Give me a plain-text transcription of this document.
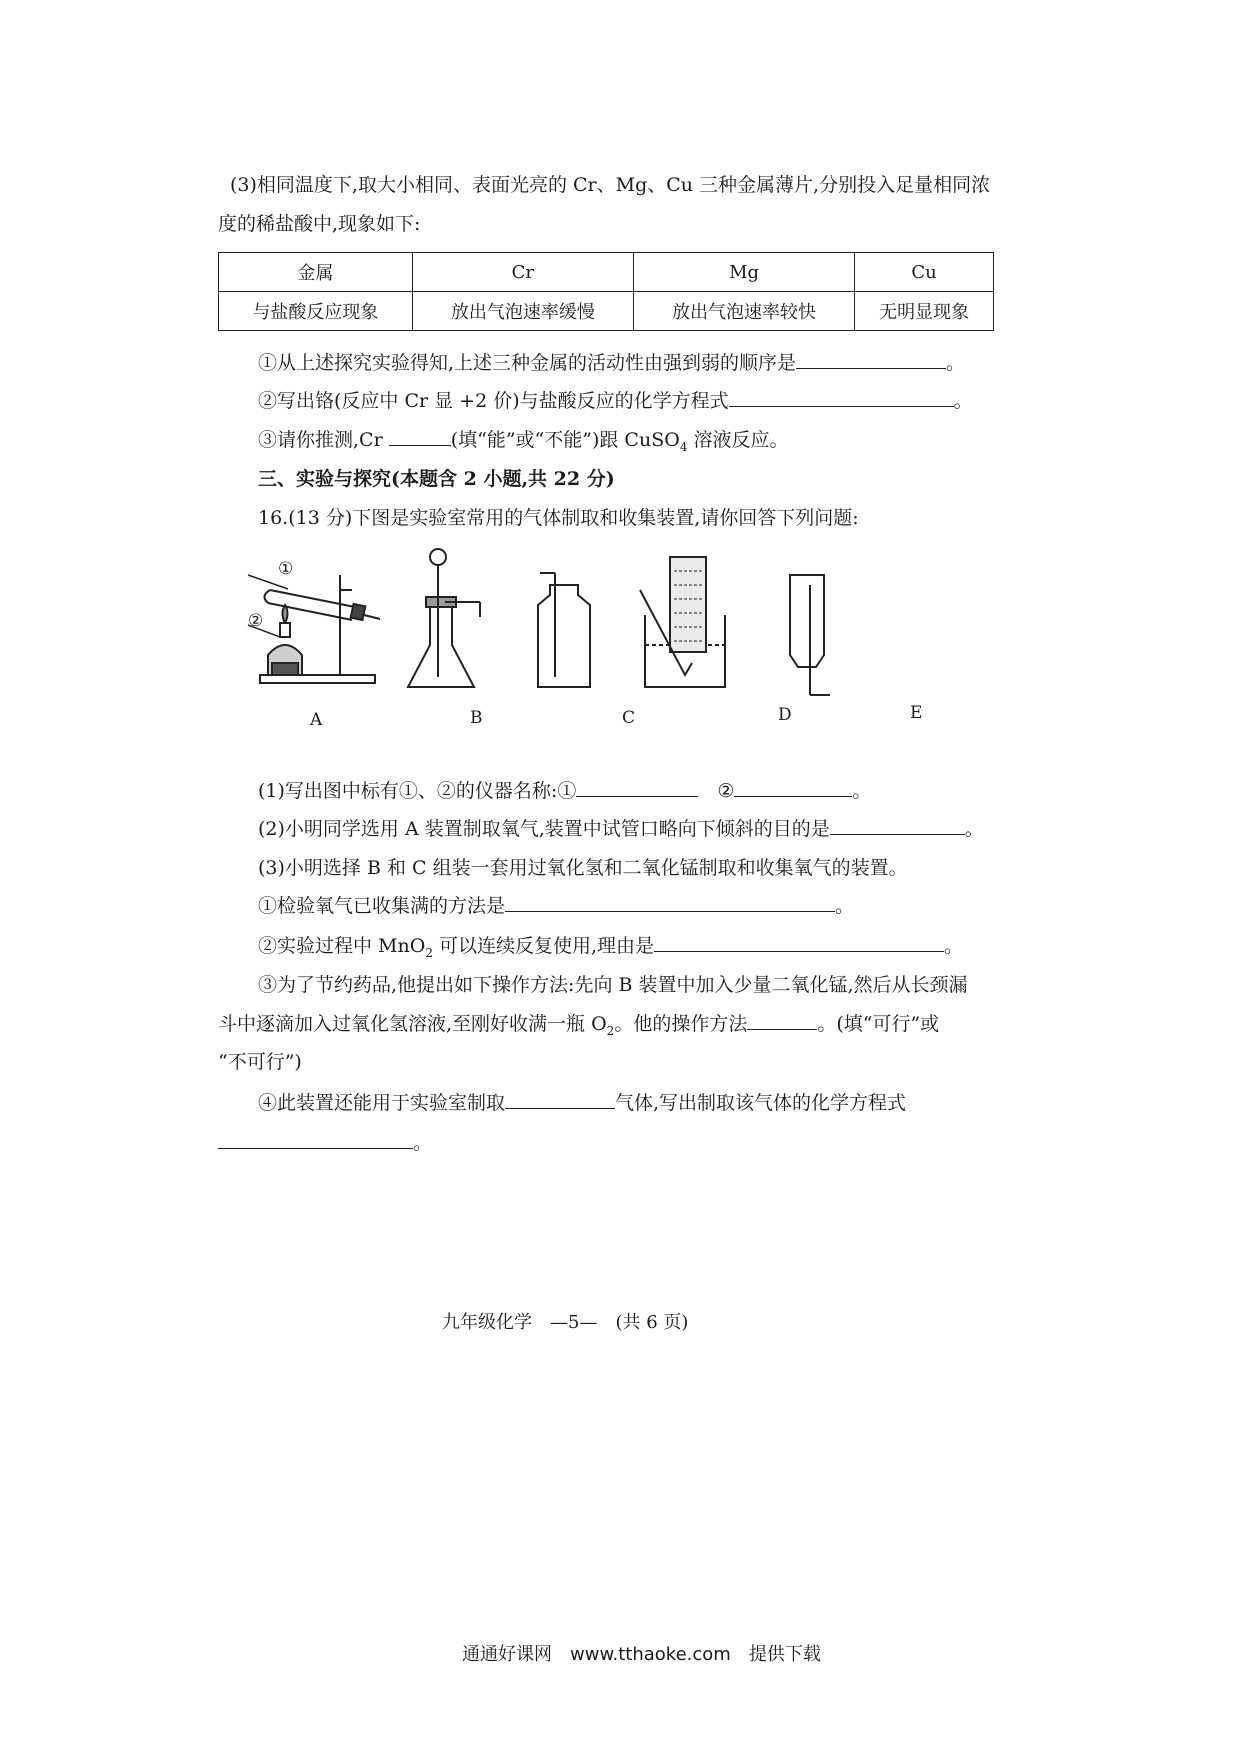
(3)相同温度下,取大小相同、表面光亮的 Cr、Mg、Cu 三种金属薄片,分别投入足量相同浓
度的稀盐酸中,现象如下:
金属	Cr	Mg	Cu
与盐酸反应现象	放出气泡速率缓慢	放出气泡速率较快	无明显现象
①从上述探究实验得知,上述三种金属的活动性由强到弱的顺序是	。
②写出铬(反应中 Cr 显 +2 价)与盐酸反应的化学方程式	。
③请你推测,Cr	(填“能”或“不能”)跟 CuSO$_4$ 溶液反应。
三、实验与探究(本题含 2 小题,共 22 分)
16.(13 分)下图是实验室常用的气体制取和收集装置,请你回答下列问题:
①
②
A	B	C	D	E
(1)写出图中标有①、②的仪器名称:① 	②	。
(2)小明同学选用 A 装置制取氧气,装置中试管口略向下倾斜的目的是	。
(3)小明选择 B 和 C 组装一套用过氧化氢和二氧化锰制取和收集氧气的装置。
①检验氧气已收集满的方法是	。
②实验过程中 MnO$_2$ 可以连续反复使用,理由是	。
③为了节约药品,他提出如下操作方法:先向 B 装置中加入少量二氧化锰,然后从长颈漏
斗中逐滴加入过氧化氢溶液,至刚好收满一瓶 $O_2$。他的操作方法	。(填“可行”或
“不可行”)
④此装置还能用于实验室制取	气体,写出制取该气体的化学方程式
。
九年级化学　—5—　(共 6 页)
通通好课网　www.tthaoke.com　提供下载
